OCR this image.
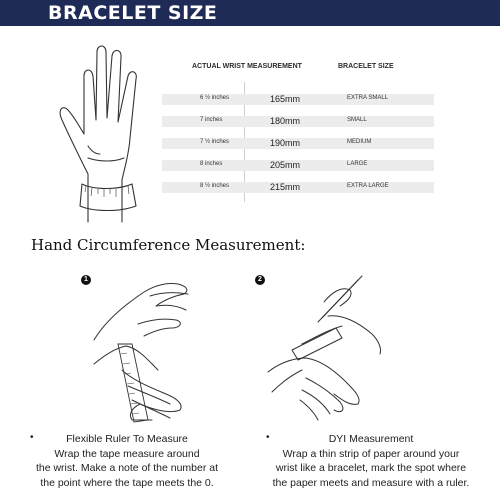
BRACELET SIZE
ACTUAL WRIST MEASUREMENT	BRACELET SIZE
6 ½ inches	165mm	EXTRA SMALL
7 inches	180mm	SMALL
7 ½ inches	190mm	MEDIUM
8 inches	205mm	LARGE
8 ½ inches	215mm	EXTRA LARGE
Hand Circumference Measurement:
1	2
•	Flexible Ruler To Measure
Wrap the tape measure around
the wrist. Make a note of the number at
the point where the tape meets the 0.
•	DYI Measurement
Wrap a thin strip of paper around your
wrist like a bracelet, mark the spot where
the paper meets and measure with a ruler.
